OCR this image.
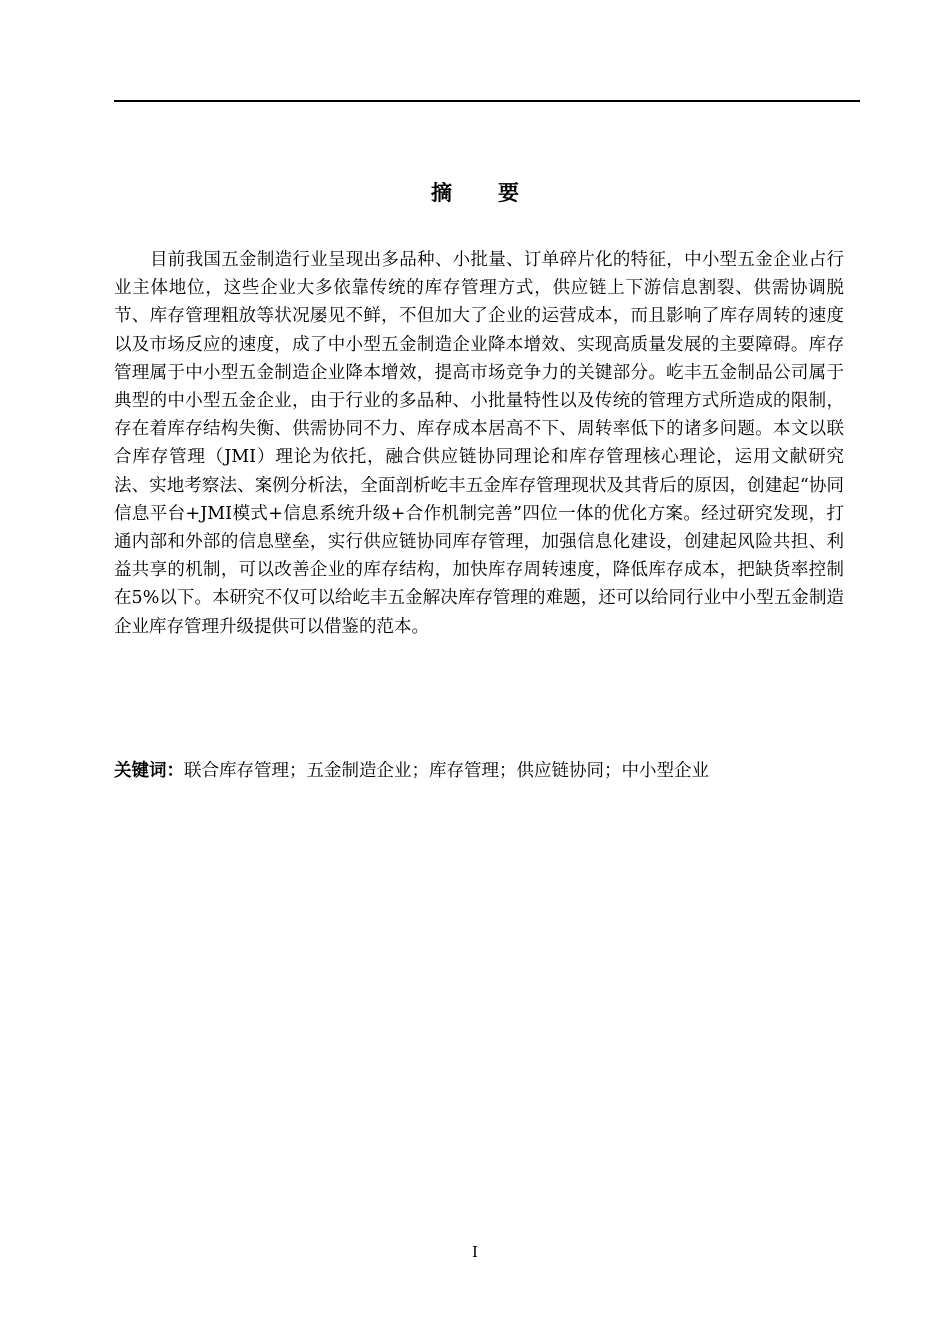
摘要

目前我国五金制造行业呈现出多品种、小批量、订单碎片化的特征，中小型五金企业占行业主体地位，这些企业大多依靠传统的库存管理方式，供应链上下游信息割裂、供需协调脱节、库存管理粗放等状况屡见不鲜，不但加大了企业的运营成本，而且影响了库存周转的速度以及市场反应的速度，成了中小型五金制造企业降本增效、实现高质量发展的主要障碍。库存管理属于中小型五金制造企业降本增效，提高市场竞争力的关键部分。屹丰五金制品公司属于典型的中小型五金企业，由于行业的多品种、小批量特性以及传统的管理方式所造成的限制，存在着库存结构失衡、供需协同不力、库存成本居高不下、周转率低下的诸多问题。本文以联合库存管理（JMI）理论为依托，融合供应链协同理论和库存管理核心理论，运用文献研究法、实地考察法、案例分析法，全面剖析屹丰五金库存管理现状及其背后的原因，创建起“协同信息平台+JMI模式+信息系统升级+合作机制完善”四位一体的优化方案。经过研究发现，打通内部和外部的信息壁垒，实行供应链协同库存管理，加强信息化建设，创建起风险共担、利益共享的机制，可以改善企业的库存结构，加快库存周转速度，降低库存成本，把缺货率控制在5%以下。本研究不仅可以给屹丰五金解决库存管理的难题，还可以给同行业中小型五金制造企业库存管理升级提供可以借鉴的范本。

关键词：联合库存管理；五金制造企业；库存管理；供应链协同；中小型企业
I
